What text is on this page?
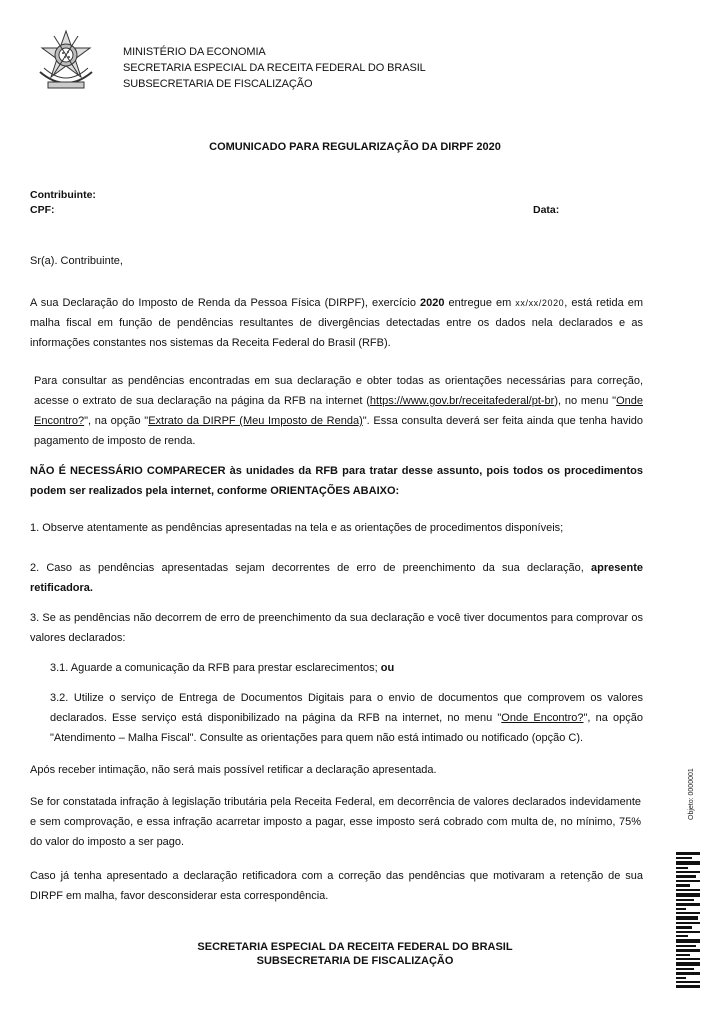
MINISTÉRIO DA ECONOMIA
SECRETARIA ESPECIAL DA RECEITA FEDERAL DO BRASIL
SUBSECRETARIA DE FISCALIZAÇÃO
COMUNICADO PARA REGULARIZAÇÃO DA DIRPF 2020
Contribuinte:
CPF:	Data:
Sr(a). Contribuinte,
A sua Declaração do Imposto de Renda da Pessoa Física (DIRPF), exercício 2020 entregue em xx/xx/2020, está retida em malha fiscal em função de pendências resultantes de divergências detectadas entre os dados nela declarados e as informações constantes nos sistemas da Receita Federal do Brasil (RFB).
Para consultar as pendências encontradas em sua declaração e obter todas as orientações necessárias para correção, acesse o extrato de sua declaração na página da RFB na internet (https://www.gov.br/receitafederal/pt-br), no menu "Onde Encontro?", na opção "Extrato da DIRPF (Meu Imposto de Renda)". Essa consulta deverá ser feita ainda que tenha havido pagamento de imposto de renda.
NÃO É NECESSÁRIO COMPARECER às unidades da RFB para tratar desse assunto, pois todos os procedimentos podem ser realizados pela internet, conforme ORIENTAÇÕES ABAIXO:
1. Observe atentamente as pendências apresentadas na tela e as orientações de procedimentos disponíveis;
2. Caso as pendências apresentadas sejam decorrentes de erro de preenchimento da sua declaração, apresente retificadora.
3. Se as pendências não decorrem de erro de preenchimento da sua declaração e você tiver documentos para comprovar os valores declarados:
3.1. Aguarde a comunicação da RFB para prestar esclarecimentos; ou
3.2. Utilize o serviço de Entrega de Documentos Digitais para o envio de documentos que comprovem os valores declarados. Esse serviço está disponibilizado na página da RFB na internet, no menu "Onde Encontro?", na opção "Atendimento – Malha Fiscal". Consulte as orientações para quem não está intimado ou notificado (opção C).
Após receber intimação, não será mais possível retificar a declaração apresentada.
Se for constatada infração à legislação tributária pela Receita Federal, em decorrência de valores declarados indevidamente e sem comprovação, e essa infração acarretar imposto a pagar, esse imposto será cobrado com multa de, no mínimo, 75% do valor do imposto a ser pago.
Caso já tenha apresentado a declaração retificadora com a correção das pendências que motivaram a retenção de sua DIRPF em malha, favor desconsiderar esta correspondência.
SECRETARIA ESPECIAL DA RECEITA FEDERAL DO BRASIL
SUBSECRETARIA DE FISCALIZAÇÃO
Objeto: 0000001
